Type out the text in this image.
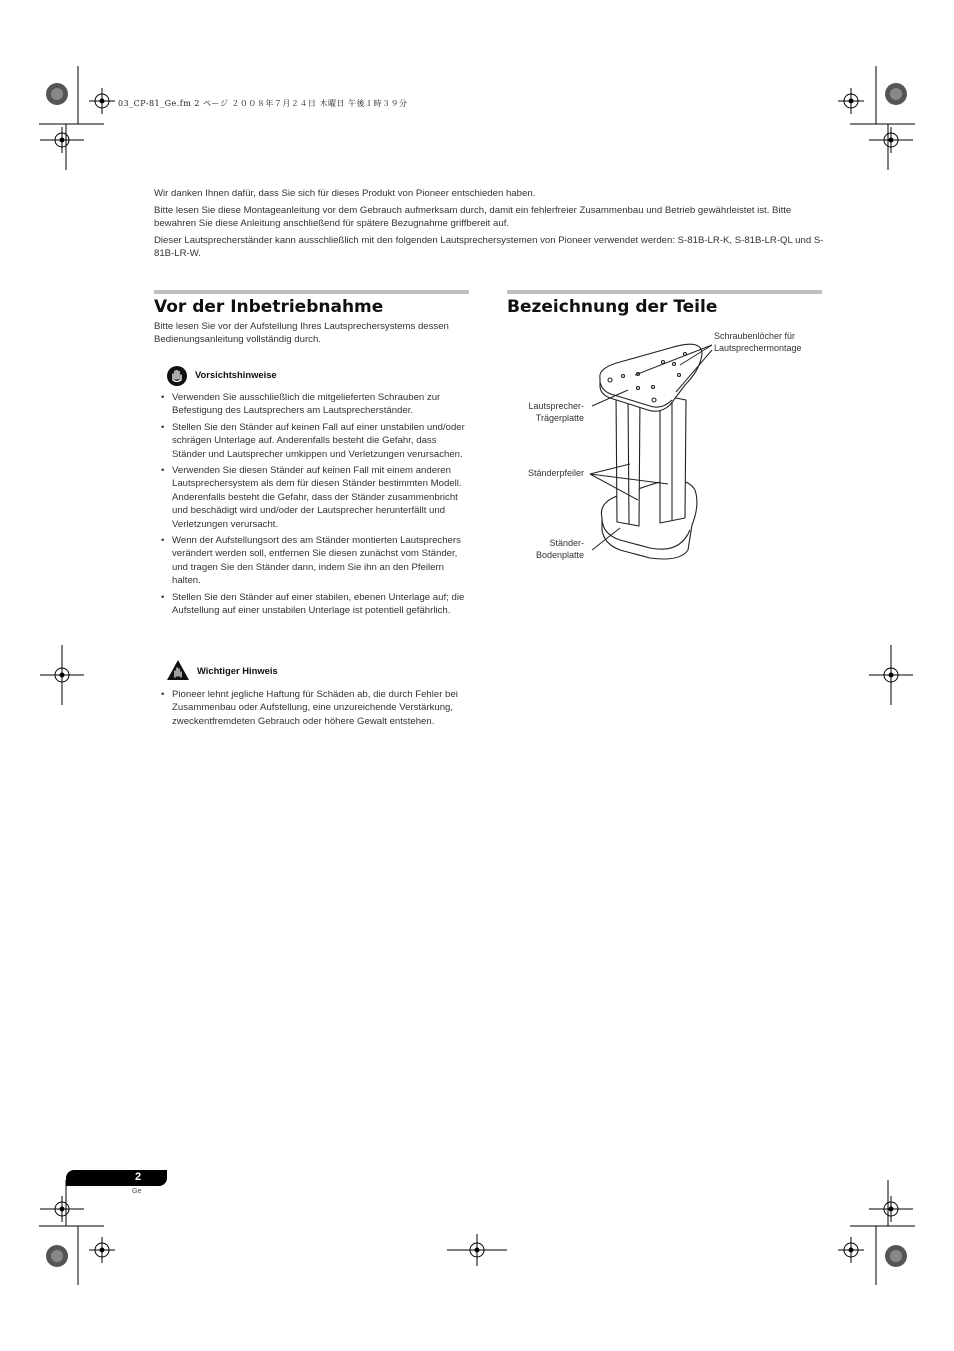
03_CP-81_Ge.fm 2 ページ ２００８年７月２４日 木曜日 午後１時３９分

Wir danken Ihnen dafür, dass Sie sich für dieses Produkt von Pioneer entschieden haben.

Bitte lesen Sie diese Montageanleitung vor dem Gebrauch aufmerksam durch, damit ein fehlerfreier Zusammenbau und Betrieb gewährleistet ist. Bitte bewahren Sie diese Anleitung anschließend für spätere Bezugnahme griffbereit auf.

Dieser Lautsprecherständer kann ausschließlich mit den folgenden Lautsprechersystemen von Pioneer verwendet werden: S-81B-LR-K, S-81B-LR-QL und S-81B-LR-W.

Vor der Inbetriebnahme
Bitte lesen Sie vor der Aufstellung Ihres Lautsprechersystems dessen Bedienungsanleitung vollständig durch.
Vorsichtshinweise
• Verwenden Sie ausschließlich die mitgelieferten Schrauben zur Befestigung des Lautsprechers am Lautsprecherständer.
• Stellen Sie den Ständer auf keinen Fall auf einer unstabilen und/oder schrägen Unterlage auf. Anderenfalls besteht die Gefahr, dass Ständer und Lautsprecher umkippen und Verletzungen verursachen.
• Verwenden Sie diesen Ständer auf keinen Fall mit einem anderen Lautsprechersystem als dem für diesen Ständer bestimmten Modell. Anderenfalls besteht die Gefahr, dass der Ständer zusammenbricht und beschädigt wird und/oder der Lautsprecher herunterfällt und Verletzungen verursacht.
• Wenn der Aufstellungsort des am Ständer montierten Lautsprechers verändert werden soll, entfernen Sie diesen zunächst vom Ständer, und tragen Sie den Ständer dann, indem Sie ihn an den Pfeilern halten.
• Stellen Sie den Ständer auf einer stabilen, ebenen Unterlage auf; die Aufstellung auf einer unstabilen Unterlage ist potentiell gefährlich.
Wichtiger Hinweis
• Pioneer lehnt jegliche Haftung für Schäden ab, die durch Fehler bei Zusammenbau oder Aufstellung, eine unzureichende Verstärkung, zweckentfremdeten Gebrauch oder höhere Gewalt entstehen.
Bezeichnung der Teile
Schraubenlöcher für
Lautsprechermontage
Lautsprecher-
Trägerplatte
Ständerpfeiler
Ständer-
Bodenplatte
2
Ge
